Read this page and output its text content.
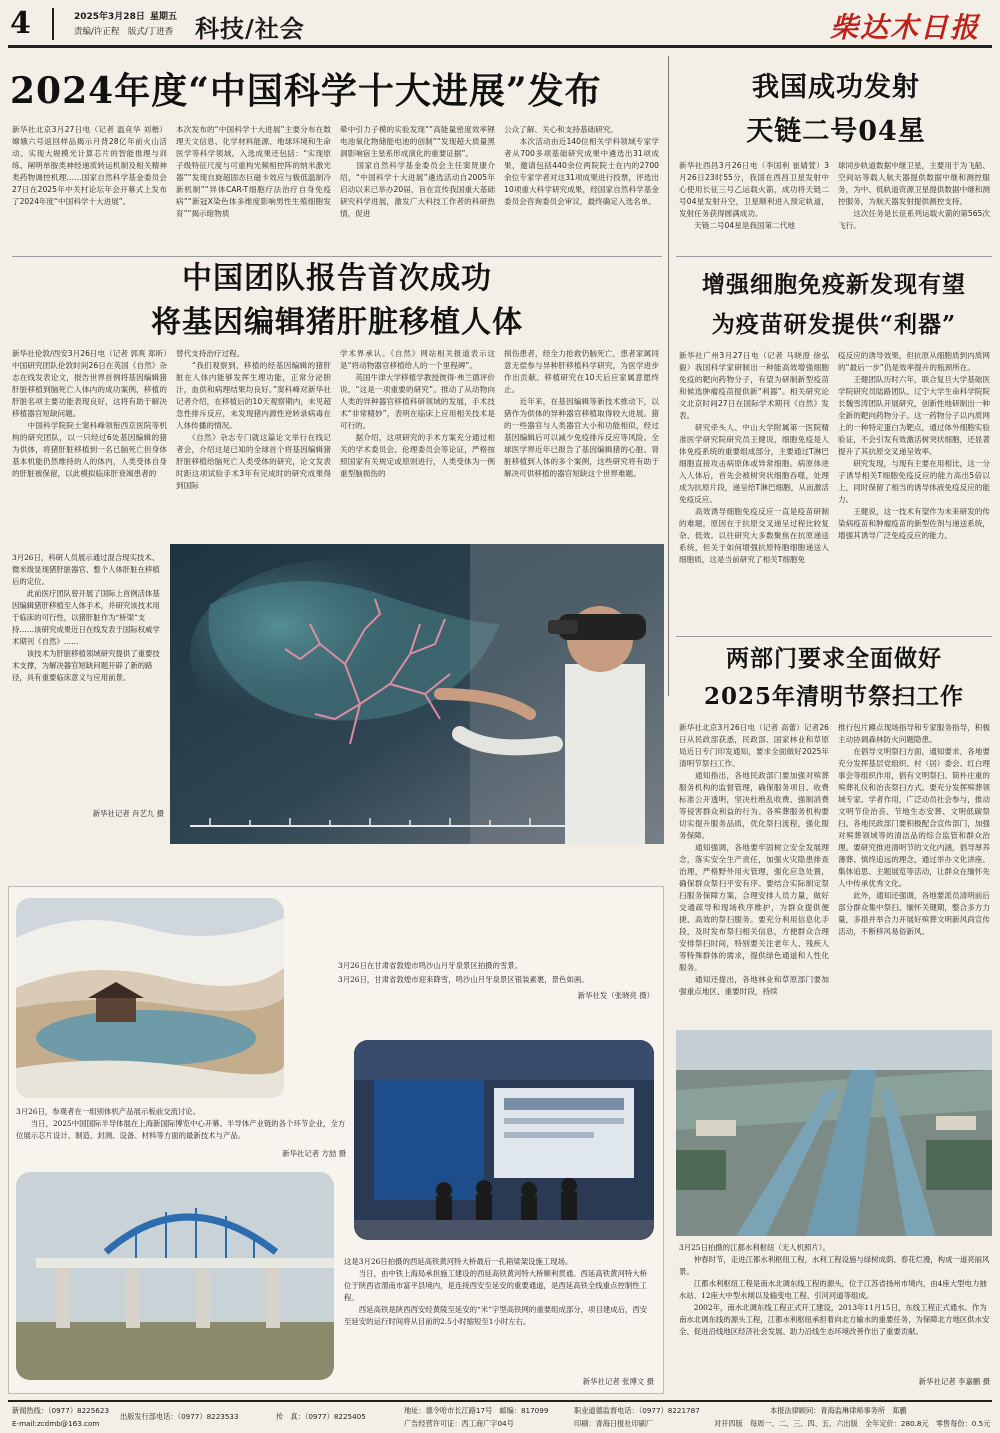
4	2025年3月28日 星期五
责编/许正程　版式/丁进香 科技/社会	柴达木日报
2024年度“中国科学十大进展”发布
新华社北京3月27日电（记者 温竞华 刘楷）嫦娥六号返回样品揭示月背28亿年前火山活动、实现大规模光计算芯片的智能推理与训练、阐明单胺类神经递质转运机制及相关精神类药物调控机理……国家自然科学基金委员会27日在2025年中关村论坛年会开幕式上发布了2024年度“中国科学十大进展”。
本次发布的“中国科学十大进展”主要分布在数理天文信息、化学材料能源、地球环境和生命医学等科学领域。入选成果还包括：“实现原子级特征尺度与可重构光频相控阵的纳米激光器”“发现自旋超固态巨磁卡效应与极低温制冷新机制”“异体CAR-T细胞疗法治疗自身免疫病”“新冠X染色体多维度影响男性生殖细胞发育”“揭示暗物质
晕中引力子模的实验发现”“高能量密度效率锂电池氧化物储能电池的创制”“发现超大质量黑洞影响宿主星系形成演化的重要证据”。
　　国家自然科学基金委员会主任窦贤康介绍，“中国科学十大进展”遴选活动自2005年启动以来已举办20届，旨在宣传我国重大基础研究科学进展，激发广大科技工作者的科研热情，促进
公众了解、关心和支持基础研究。
　　本次活动由近140位相关学科领域专家学者从700多项基础研究成果中遴选出31项成果，邀请包括440余位两院院士在内的2700余位专家学者对这31项成果进行投票，评选出10项重大科学研究成果，经国家自然科学基金委员会咨询委员会审议，最终确定入选名单。
我国成功发射
天链二号04星
新华社西昌3月26日电（李国利 崔婧萱）3月26日23时55分，我国在西昌卫星发射中心使用长征三号乙运载火箭，成功将天链二号04星发射升空，卫星顺利进入预定轨道，发射任务获得圆满成功。
　　天链二号04星是我国第二代地
球同步轨道数据中继卫星，主要用于为飞船、空间站等载人航天器提供数据中继和测控服务，为中、低轨道资源卫星提供数据中继和测控服务，为航天器发射提供测控支持。
　　这次任务是长征系列运载火箭的第565次飞行。
中国团队报告首次成功
将基因编辑猪肝脏移植人体
新华社伦敦/西安3月26日电（记者 郭爽 郑昕）中国研究团队伦敦时间26日在英国《自然》杂志在线发表论文，报告世界首例将基因编辑猪肝脏移植到脑死亡人体内的成功案例，移植的肝脏名项主要功能表现良好，这将有助于解决移植器官短缺问题。
　　中国科学院院士窦科峰领衔西京医院等机构的研究团队，以一只经过6处基因编辑的猪为供体，将猪肝脏移植到一名已脑死亡但身体基本机能仍然维持的人的体内，人类受体自身的肝脏被保留，以此模拟临床肝衰竭患者的
替代支持治疗过程。
　　“我们观察到，移植的经基因编辑的猪肝脏在人体内能够发挥生理功能，正常分泌胆汁，血供和病理结果均良好。”窦科峰对新华社记者介绍，在移植后的10天观察期内，未见超急性排斥反应，未发现猪内源性逆转录病毒在人体传播的情况。
　　《自然》杂志专门就这篇论文举行在线记者会，介绍这是已知的全球首个将基因编辑猪肝脏移植给脑死亡人类受体的研究，论文发表时距这项试验手术3年有完成时的研究成果得到国际
学术界承认。《自然》网站相关报道表示这是“将动物器官移植给人的一个里程碑”。
　　英国牛津大学移植学教授彼得·弗兰德评价说，“这是一项重要的研究”。推动了从动物向人类的异种器官移植科研领域的发展，手术技术“非常精妙”，表明在临床上应用相关技术是可行的。
　　据介绍，这项研究的手术方案充分通过相关的学术委员会、伦理委员会等论证，严格按照国家有关规定或原则进行，人类受体为一例重型脑损伤的
损伤患者，经全力抢救仍脑死亡，患者家属同意无偿参与异种肝移植科学研究，为医学进步作出贡献。移植研究在10天后应家属意愿终止。
　　近年来，在基因编辑等新技术推动下，以猪作为供体的异种器官移植取得较大进展。猪的一些器官与人类器官大小和功能相似，经过基因编辑后可以减少免疫排斥反应等风险。全球医学界近年已报告了基因编辑猪的心脏、肾脏移植到人体的多个案例，这些研究将有助于解决可供移植的器官短缺这个世界难题。
3月26日，科研人员展示通过混合现实技术、微米级显现猪肝脏器官、整个人体肝脏在移植后的定位。
　　此前医疗团队曾开展了国际上首例活体基因编辑猪肝移植至人体手术，并研究该技术用于临床的可行性，以猪肝脏作为“桥梁”支持……该研究成果近日在线发表于国际权威学术期刊《自然》……
　　该技术为肝脏移植领域研究提供了重要技术支撑，为解决器官短缺问题开辟了新的路径，具有重要临床意义与应用前景。
新华社记者 肖艺九 摄
增强细胞免疫新发现有望
为疫苗研发提供“利器”
新华社广州3月27日电（记者 马晓澄 徐弘毅）我国科学家研制出一种能高效增强细胞免疫的靶向药物分子，有望为研制新型疫苗和候选肿瘤疫苗提供新“利器”。相关研究论文北京时间27日在国际学术期刊《自然》发表。
　　研究牵头人、中山大学附属第一医院精准医学研究院研究员王健说，细胞免疫是人体免疫系统的重要组成部分，主要通过T淋巴细胞直接攻击病原体或异常细胞。病原体进入人体后，首先会被树突状细胞吞噬，处理成为抗原片段，递呈给T淋巴细胞，从而激活免疫反应。
　　高效诱导细胞免疫反应一直是疫苗研制的难题，原因在于抗原交叉递呈过程比较复杂、低效。以往研究大多数聚焦在抗原递送系统，但关于如何增强抗原特胞细胞递送入细胞质，这是当前研究了相关T细胞免
疫反应的诱导效果，但抗原从细胞质到内质网的“最后一步”仍是效率提升的瓶颈所在。
　　王健团队历时六年，联合复旦大学基础医学院研究员陆路团队、辽宁大学生命科学院院长魏雪涛团队开展研究，创新性地研制出一种全新的靶向药物分子。这一药物分子以内质网上的一种特定蛋白为靶点，通过体外细胞实验验证，不会引发有效激活树突状细胞，还显著提升了其抗原交叉递呈效率。
　　研究发现，与现有主要在用相比，这一分子诱导相关T细胞免疫反应的能力高出5倍以上，同时保留了相当的诱导体液免疫反应的能力。
　　王健说，这一技术有望作为未来研发的传染病疫苗和肿瘤疫苗的新型佐剂与递送系统，增强其诱导广泛免疫反应的能力。
两部门要求全面做好
2025年清明节祭扫工作
新华社北京3月26日电（记者 高蕾）记者26日从民政部获悉，民政部、国家林业和草原局近日专门印发通知，要求全面做好2025年清明节祭扫工作。
　　通知指出，各地民政部门要加强对殡葬服务机构的监督管理，确保服务项目、收费标准公开透明，坚决杜绝乱收费、强制消费等侵害群众利益的行为。各殡葬服务机构要切实提升服务品质，优化祭扫流程，强化服务保障。
　　通知强调，各地要牢固树立安全发展理念，落实安全生产责任，加强火灾隐患排查治理，严格野外用火管理，强化应急处置，确保群众祭扫平安有序。要结合实际制定祭扫服务保障方案，合理安排人员力量，做好交通疏导和现场秩序维护，为群众提供便捷、高效的祭扫服务。要充分利用信息化手段，及时发布祭扫相关信息，方便群众合理安排祭扫时间，特别要关注老年人、残疾人等特殊群体的需求，提供绿色通道和人性化服务。
　　通知还提出，各地林业和草原部门要加强重点地区、重要时段，持续
推行包片蹲点现场指导和专家服务指导，积极主动协调森林防火问题隐患。
　　在倡导文明祭扫方面，通知要求，各地要充分发挥基层党组织、村（居）委会、红白理事会等组织作用，倡有文明祭扫、简朴庄重的殡葬礼仪和治丧祭扫方式。要充分发挥殡葬领域专家、学者作用，广泛动员社会参与，推动文明节俭治丧、节地生态安葬、文明低碳祭扫。各地民政部门要积极配合宣传部门，加强对殡葬领域等的清洁品的综合监管和群众治理。要研究推进清明节的文化内涵，倡导厚养薄葬、慎终追远的理念，通过举办文化讲座、集体追思、主题展览等活动，让群众在缅怀先人中传承优秀文化。
　　此外，通知还强调，各地要派员清明前后部分群众集中祭扫、缅怀关键期，整合多方力量，多措并举合力开展好殡葬文明新风尚宣传活动，不断移风易俗新风。
3月26日在甘肃省敦煌市鸣沙山月牙泉景区拍摄的雪景。
3月26日，甘肃省敦煌市迎来降雪，鸣沙山月牙泉景区银装素裹，景色如画。
新华社发（张晓亮 摄）
3月26日，参观者在一组别体机产品展示板前交流讨论。
　　当日，2025中国国际半导体展在上海新国际博览中心开幕。半导体产业链的各个环节企业，全方位展示芯片设计、制造、封测、设备、材料等方面的最新技术与产品。
新华社记者 方喆 摄
这是3月26日拍摄的西延高铁黄河特大桥最后一孔箱梁架设施工现场。
　　当日，由中铁上海局承担施工建设的西延高铁黄河特大桥顺利贯通。西延高铁黄河特大桥位于陕西省渭南市富平县境内，是连接西安至延安的重要通道，是西延高铁全线重点控制性工程。
　　西延高铁是陕西西安经黄陵至延安的“米”字型高铁网的重要组成部分，项目建成后，西安至延安的运行时间将从目前的2.5小时缩短至1小时左右。
新华社记者 张博文 摄
3月25日拍摄的江都水利枢纽（无人机照片）。
　　仲春时节，走进江都水利枢纽工程，水利工程设施与绿树成荫、春花烂漫，构成一道亮丽风景。
　　江都水利枢纽工程是南水北调东线工程的源头，位于江苏省扬州市境内，由4座大型电力抽水站、12座大中型水闸以及输变电工程、引河河道等组成。
　　2002年，南水北调东线工程正式开工建设，2013年11月15日，东线工程正式通水。作为南水北调东线的源头工程，江都水利枢纽承担着向北方输水的重要任务，为保障北方地区供水安全、促进沿线地区经济社会发展、助力沿线生态环境改善作出了重要贡献。
新华社记者 李嘉鹏 摄
新闻热线：（0977）8225623
E-mail:zcdmb@163.com
出版发行部电话：（0977）8223533	传　真：（0977）8225405
地址：德令哈市长江路17号　邮编：817099
广告经营许可证：西工商广字04号
职业道德监督电话：（0977）8221787
印刷：青海日报社印刷厂
本报法律顾问：青海监琳律师事务所　郑鹏
对开四版　每周一、二、三、四、五、六出版　全年定价：280.8元　零售每份：0.5元
